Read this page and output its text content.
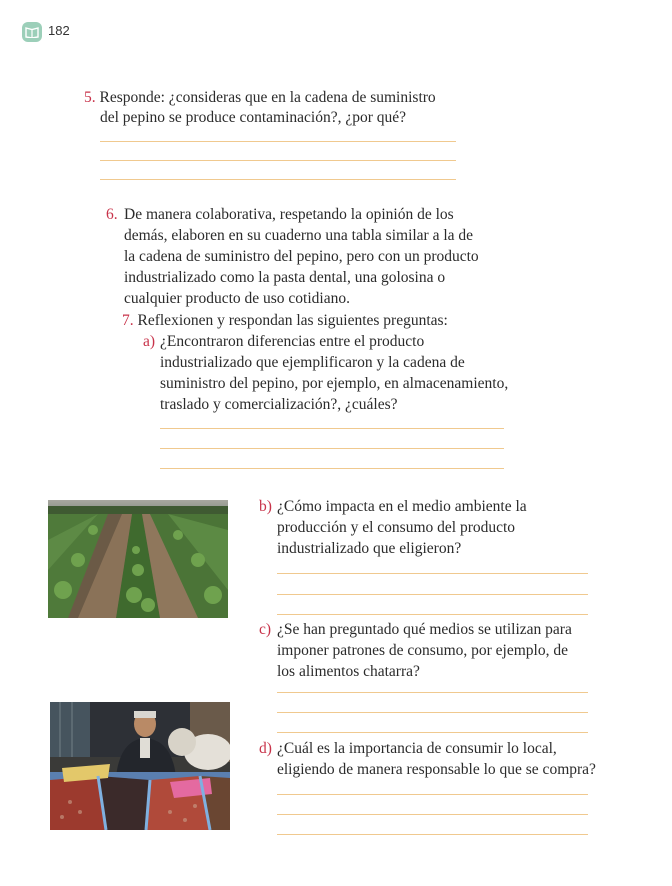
182
5. Responde: ¿consideras que en la cadena de suministro
del pepino se produce contaminación?, ¿por qué?
6. De manera colaborativa, respetando la opinión de los
demás, elaboren en su cuaderno una tabla similar a la de
la cadena de suministro del pepino, pero con un producto
industrializado como la pasta dental, una golosina o
cualquier producto de uso cotidiano.
7. Reflexionen y respondan las siguientes preguntas:
a) ¿Encontraron diferencias entre el producto
industrializado que ejemplificaron y la cadena de
suministro del pepino, por ejemplo, en almacenamiento,
traslado y comercialización?, ¿cuáles?
b) ¿Cómo impacta en el medio ambiente la
producción y el consumo del producto
industrializado que eligieron?
c) ¿Se han preguntado qué medios se utilizan para
imponer patrones de consumo, por ejemplo, de
los alimentos chatarra?
d) ¿Cuál es la importancia de consumir lo local,
eligiendo de manera responsable lo que se compra?
